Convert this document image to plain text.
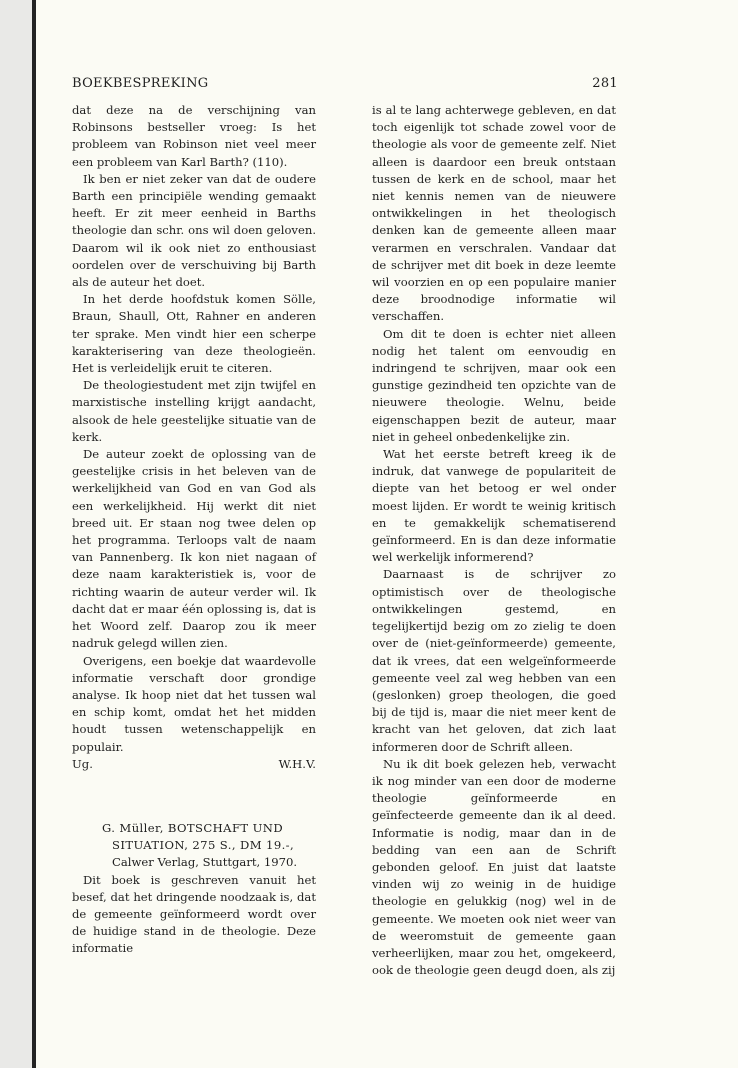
BOEKBESPREKING	281

dat deze na de verschijning van Robinsons bestseller vroeg: Is het probleem van Robinson niet veel meer een probleem van Karl Barth? (110).

Ik ben er niet zeker van dat de oudere Barth een principiële wending gemaakt heeft. Er zit meer eenheid in Barths theologie dan schr. ons wil doen geloven. Daarom wil ik ook niet zo enthousiast oordelen over de verschuiving bij Barth als de auteur het doet.

In het derde hoofdstuk komen Sölle, Braun, Shaull, Ott, Rahner en anderen ter sprake. Men vindt hier een scherpe karakterisering van deze theologieën. Het is verleidelijk eruit te citeren.

De theologiestudent met zijn twijfel en marxistische instelling krijgt aandacht, alsook de hele geestelijke situatie van de kerk.

De auteur zoekt de oplossing van de geestelijke crisis in het beleven van de werkelijkheid van God en van God als een werkelijkheid. Hij werkt dit niet breed uit. Er staan nog twee delen op het programma. Terloops valt de naam van Pannenberg. Ik kon niet nagaan of deze naam karakteristiek is, voor de richting waarin de auteur verder wil. Ik dacht dat er maar één oplossing is, dat is het Woord zelf. Daarop zou ik meer nadruk gelegd willen zien.

Overigens, een boekje dat waardevolle informatie verschaft door grondige analyse. Ik hoop niet dat het tussen wal en schip komt, omdat het het midden houdt tussen wetenschappelijk en populair.

Ug.	W.H.V.
G. Müller, BOTSCHAFT UND
SITUATION, 275 S., DM 19.-,
Calwer Verlag, Stuttgart, 1970.

Dit boek is geschreven vanuit het besef, dat het dringende noodzaak is, dat de gemeente geïnformeerd wordt over de huidige stand in de theologie. Deze informatie

is al te lang achterwege gebleven, en dat toch eigenlijk tot schade zowel voor de theologie als voor de gemeente zelf. Niet alleen is daardoor een breuk ontstaan tussen de kerk en de school, maar het niet kennis nemen van de nieuwere ontwikkelingen in het theologisch denken kan de gemeente alleen maar verarmen en verschralen. Vandaar dat de schrijver met dit boek in deze leemte wil voorzien en op een populaire manier deze broodnodige informatie wil verschaffen.

Om dit te doen is echter niet alleen nodig het talent om eenvoudig en indringend te schrijven, maar ook een gunstige gezindheid ten opzichte van de nieuwere theologie. Welnu, beide eigenschappen bezit de auteur, maar niet in geheel onbedenkelijke zin.

Wat het eerste betreft kreeg ik de indruk, dat vanwege de populariteit de diepte van het betoog er wel onder moest lijden. Er wordt te weinig kritisch en te gemakkelijk schematiserend geïnformeerd. En is dan deze informatie wel werkelijk informerend?

Daarnaast is de schrijver zo optimistisch over de theologische ontwikkelingen gestemd, en tegelijkertijd bezig om zo zielig te doen over de (niet-geïnformeerde) gemeente, dat ik vrees, dat een welgeïnformeerde gemeente veel zal weg hebben van een (geslonken) groep theologen, die goed bij de tijd is, maar die niet meer kent de kracht van het geloven, dat zich laat informeren door de Schrift alleen.

Nu ik dit boek gelezen heb, verwacht ik nog minder van een door de moderne theologie geïnformeerde en geïnfecteerde gemeente dan ik al deed. Informatie is nodig, maar dan in de bedding van een aan de Schrift gebonden geloof. En juist dat laatste vinden wij zo weinig in de huidige theologie en gelukkig (nog) wel in de gemeente. We moeten ook niet weer van de weeromstuit de gemeente gaan verheerlijken, maar zou het, omgekeerd, ook de theologie geen deugd doen, als zij
